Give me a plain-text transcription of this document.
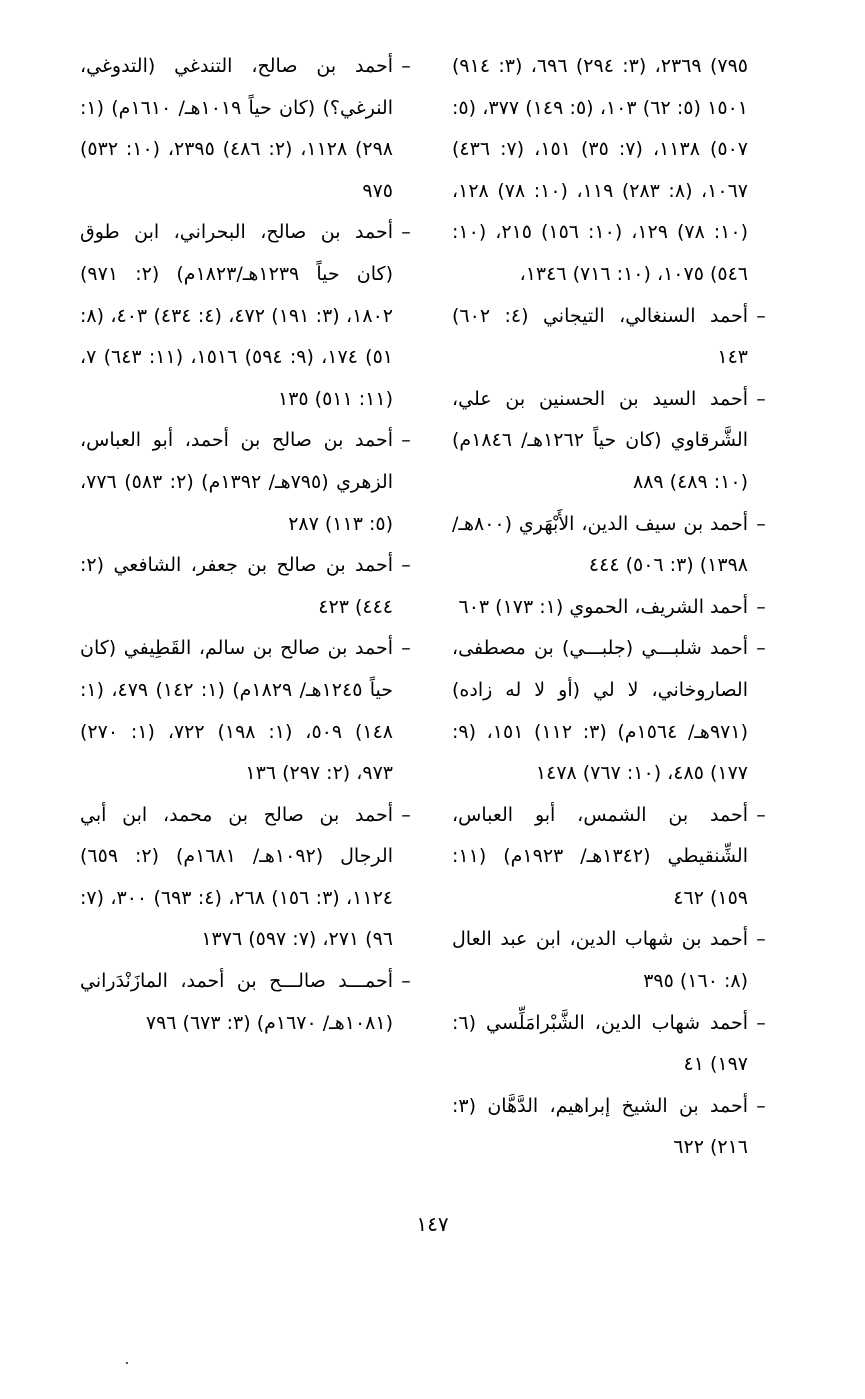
٧٩٥) ٢٣٦٩، (٣: ٢٩٤) ٦٩٦، (٣: ٩١٤) ١٥٠١ (٥: ٦٢) ١٠٣، (٥: ١٤٩) ٣٧٧، (٥: ٥٠٧) ١١٣٨، (٧: ٣٥) ١٥١، (٧: ٤٣٦) ١٠٦٧، (٨: ٢٨٣) ١١٩، (١٠: ٧٨) ١٢٨، (١٠: ٧٨) ١٢٩، (١٠: ١٥٦) ٢١٥، (١٠: ٥٤٦) ١٠٧٥، (١٠: ٧١٦) ١٣٤٦،

–
أحمد السنغالي، التيجاني (٤: ٦٠٢) ١٤٣

–
أحمد السيد بن الحسنين بن علي، الشَّرقاوي (كان حياً ١٢٦٢هـ/ ١٨٤٦م) (١٠: ٤٨٩) ٨٨٩

–
أحمد بن سيف الدين، الأَبْهَري (٨٠٠هـ/ ١٣٩٨) (٣: ٥٠٦) ٤٤٤

–
أحمد الشريف، الحموي (١: ١٧٣) ٦٠٣

–
أحمد شلبـــي (جلبـــي) بن مصطفى، الصاروخاني، لا لي (أو لا له زاده) (٩٧١هـ/ ١٥٦٤م) (٣: ١١٢) ١٥١، (٩: ١٧٧) ٤٨٥، (١٠: ٧٦٧) ١٤٧٨

–
أحمد بن الشمس، أبو العباس، الشِّنقيطي (١٣٤٢هـ/ ١٩٢٣م) (١١: ١٥٩) ٤٦٢

–
أحمد بن شهاب الدين، ابن عبد العال (٨: ١٦٠) ٣٩٥

–
أحمد شهاب الدين، الشَّبْرامَلِّسي (٦: ١٩٧) ٤١

–
أحمد بن الشيخ إبراهيم، الدَّهَّان (٣: ٢١٦) ٦٢٢

–
أحمد بن صالح، التندغي (التدوغي، النرغي؟) (كان حياً ١٠١٩هـ/ ١٦١٠م) (١: ٢٩٨) ١١٢٨، (٢: ٤٨٦) ٢٣٩٥، (١٠: ٥٣٢) ٩٧٥

–
أحمد بن صالح، البحراني، ابن طوق (كان حياً ١٢٣٩هـ/١٨٢٣م) (٢: ٩٧١) ١٨٠٢، (٣: ١٩١) ٤٧٢، (٤: ٤٣٤) ٤٠٣، (٨: ٥١) ١٧٤، (٩: ٥٩٤) ١٥١٦، (١١: ٦٤٣) ٧، (١١: ٥١١) ١٣٥

–
أحمد بن صالح بن أحمد، أبو العباس، الزهري (٧٩٥هـ/ ١٣٩٢م) (٢: ٥٨٣) ٧٧٦، (٥: ١١٣) ٢٨٧

–
أحمد بن صالح بن جعفر، الشافعي (٢: ٤٤٤) ٤٢٣

–
أحمد بن صالح بن سالم، القَطِيفي (كان حياً ١٢٤٥هـ/ ١٨٢٩م) (١: ١٤٢) ٤٧٩، (١: ١٤٨) ٥٠٩، (١: ١٩٨) ٧٢٢، (١: ٢٧٠) ٩٧٣، (٢: ٢٩٧) ١٣٦

–
أحمد بن صالح بن محمد، ابن أبي الرجال (١٠٩٢هـ/ ١٦٨١م) (٢: ٦٥٩) ١١٢٤، (٣: ١٥٦) ٢٦٨، (٤: ٦٩٣) ٣٠٠، (٧: ٩٦) ٢٧١، (٧: ٥٩٧) ١٣٧٦

–
أحمـــد صالـــح بن أحمد، المازَنْدَراني (١٠٨١هـ/ ١٦٧٠م) (٣: ٦٧٣) ٧٩٦

١٤٧
